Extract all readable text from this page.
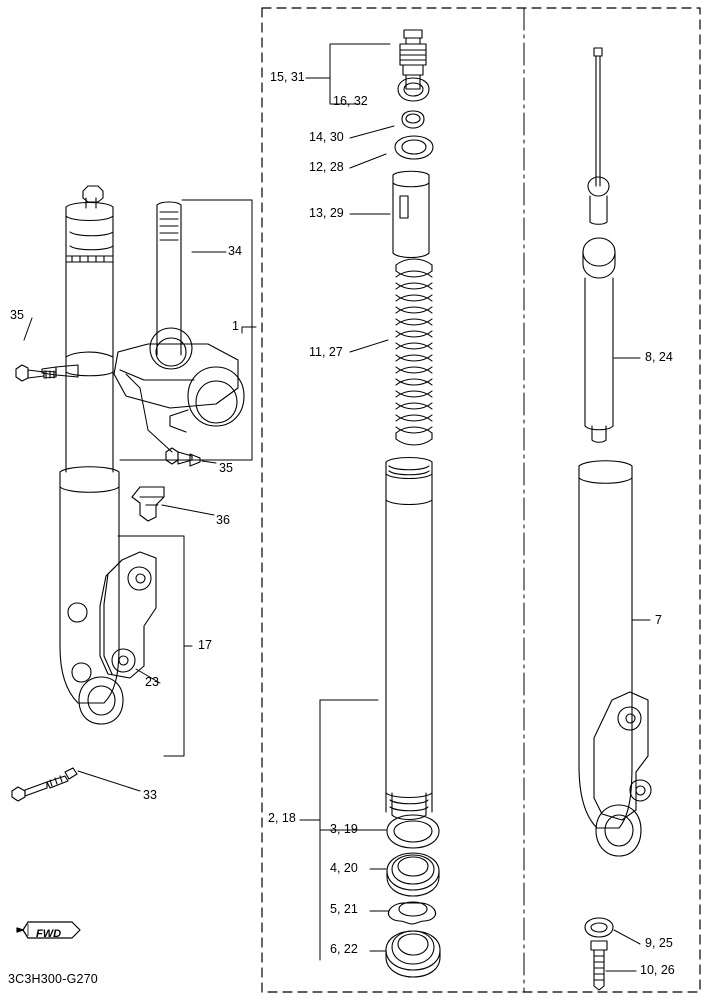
35
34
1
35
36
17
23
33
15, 31
16, 32
14, 30
12, 28
13, 29
11, 27
2, 18
3, 19
4, 20
5, 21
6, 22
8, 24
7
9, 25
10, 26
FWD
3C3H300-G270
